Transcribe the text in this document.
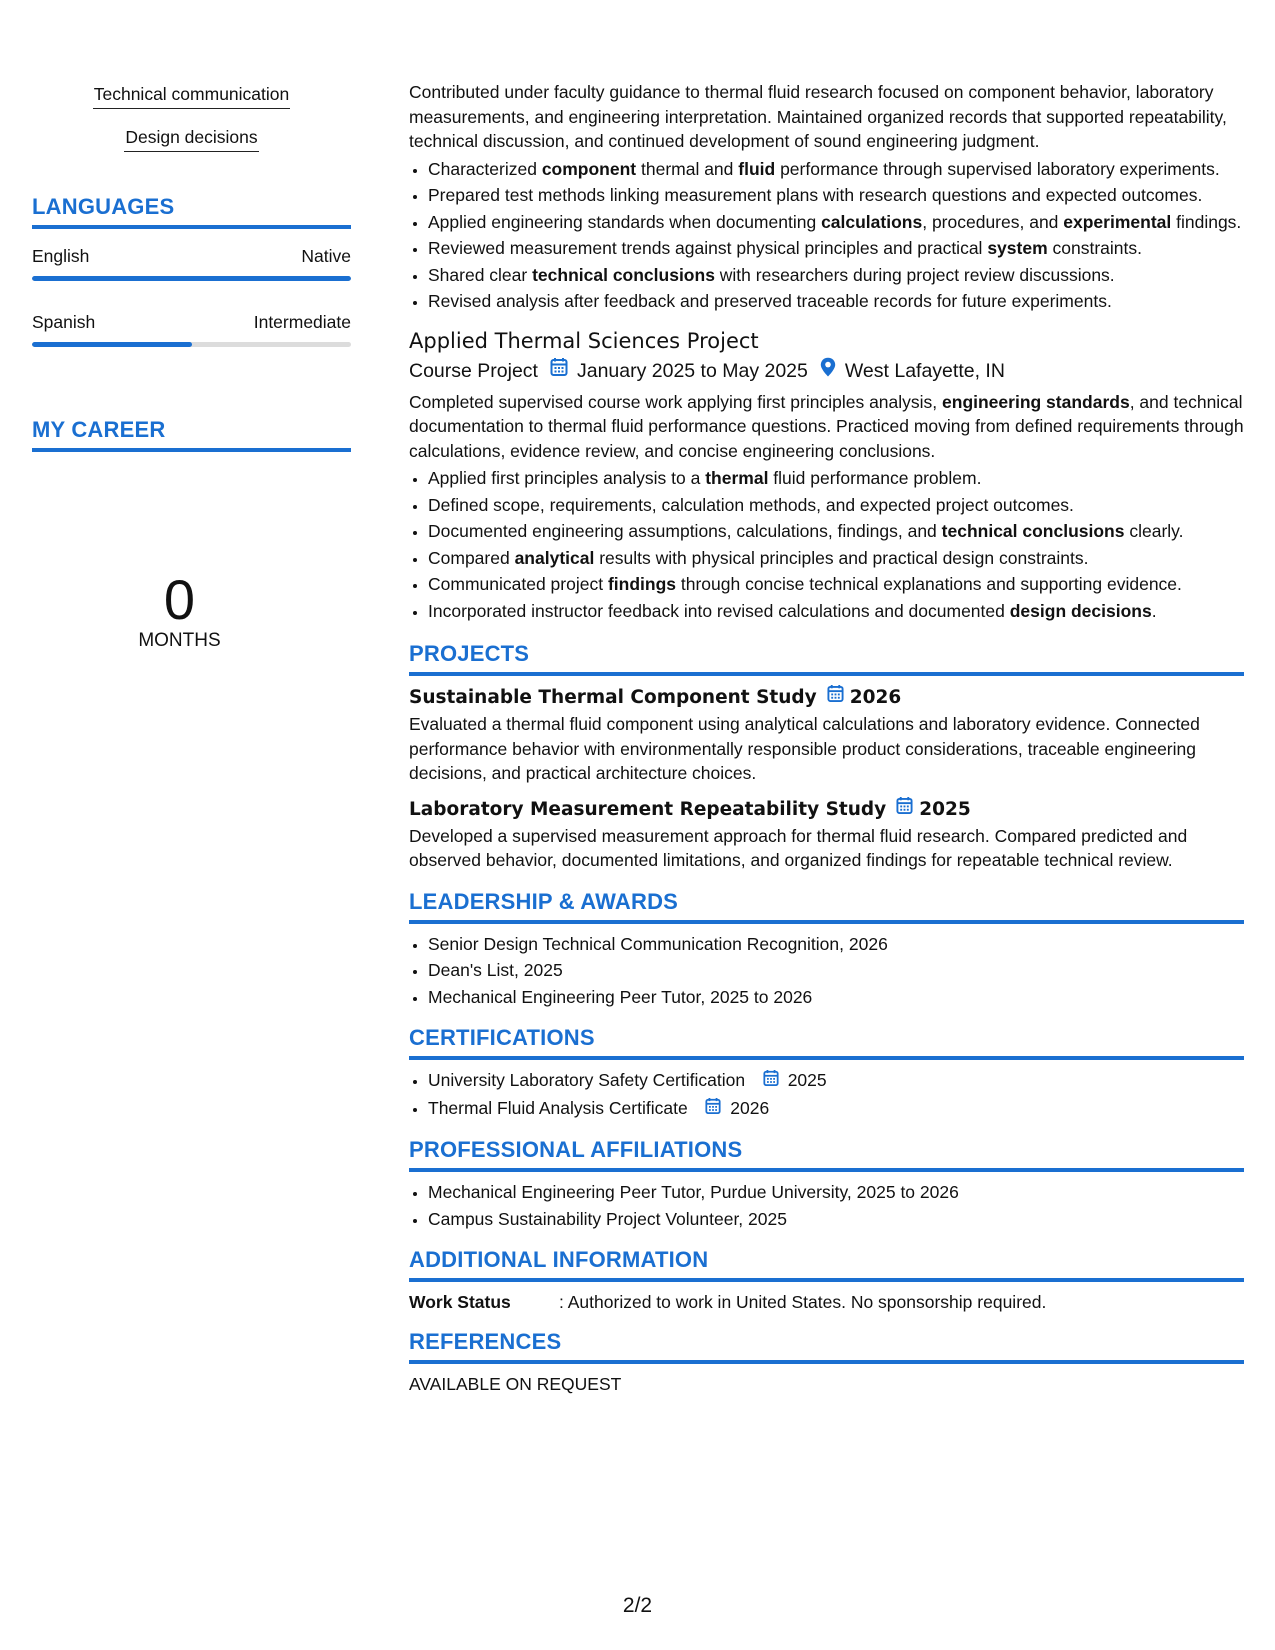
Technical communication
Design decisions
LANGUAGES
English	Native
Spanish	Intermediate
MY CAREER
0
MONTHS

Contributed under faculty guidance to thermal fluid research focused on component behavior, laboratory measurements, and engineering interpretation. Maintained organized records that supported repeatability, technical discussion, and continued development of sound engineering judgment.

• Characterized component thermal and fluid performance through supervised laboratory experiments.
• Prepared test methods linking measurement plans with research questions and expected outcomes.
• Applied engineering standards when documenting calculations, procedures, and experimental findings.
• Reviewed measurement trends against physical principles and practical system constraints.
• Shared clear technical conclusions with researchers during project review discussions.
• Revised analysis after feedback and preserved traceable records for future experiments.
Applied Thermal Sciences Project
Course Project January 2025 to May 2025 West Lafayette, IN

Completed supervised course work applying first principles analysis, engineering standards, and technical documentation to thermal fluid performance questions. Practiced moving from defined requirements through calculations, evidence review, and concise engineering conclusions.

• Applied first principles analysis to a thermal fluid performance problem.
• Defined scope, requirements, calculation methods, and expected project outcomes.
• Documented engineering assumptions, calculations, findings, and technical conclusions clearly.
• Compared analytical results with physical principles and practical design constraints.
• Communicated project findings through concise technical explanations and supporting evidence.
• Incorporated instructor feedback into revised calculations and documented design decisions.
PROJECTS
Sustainable Thermal Component Study 2026

Evaluated a thermal fluid component using analytical calculations and laboratory evidence. Connected performance behavior with environmentally responsible product considerations, traceable engineering decisions, and practical architecture choices.

Laboratory Measurement Repeatability Study 2025

Developed a supervised measurement approach for thermal fluid research. Compared predicted and observed behavior, documented limitations, and organized findings for repeatable technical review.

LEADERSHIP & AWARDS
• Senior Design Technical Communication Recognition, 2026
• Dean's List, 2025
• Mechanical Engineering Peer Tutor, 2025 to 2026
CERTIFICATIONS
• University Laboratory Safety Certification 2025
• Thermal Fluid Analysis Certificate 2026
PROFESSIONAL AFFILIATIONS
• Mechanical Engineering Peer Tutor, Purdue University, 2025 to 2026
• Campus Sustainability Project Volunteer, 2025
ADDITIONAL INFORMATION
Work Status	: Authorized to work in United States. No sponsorship required.
REFERENCES
AVAILABLE ON REQUEST
2/2
